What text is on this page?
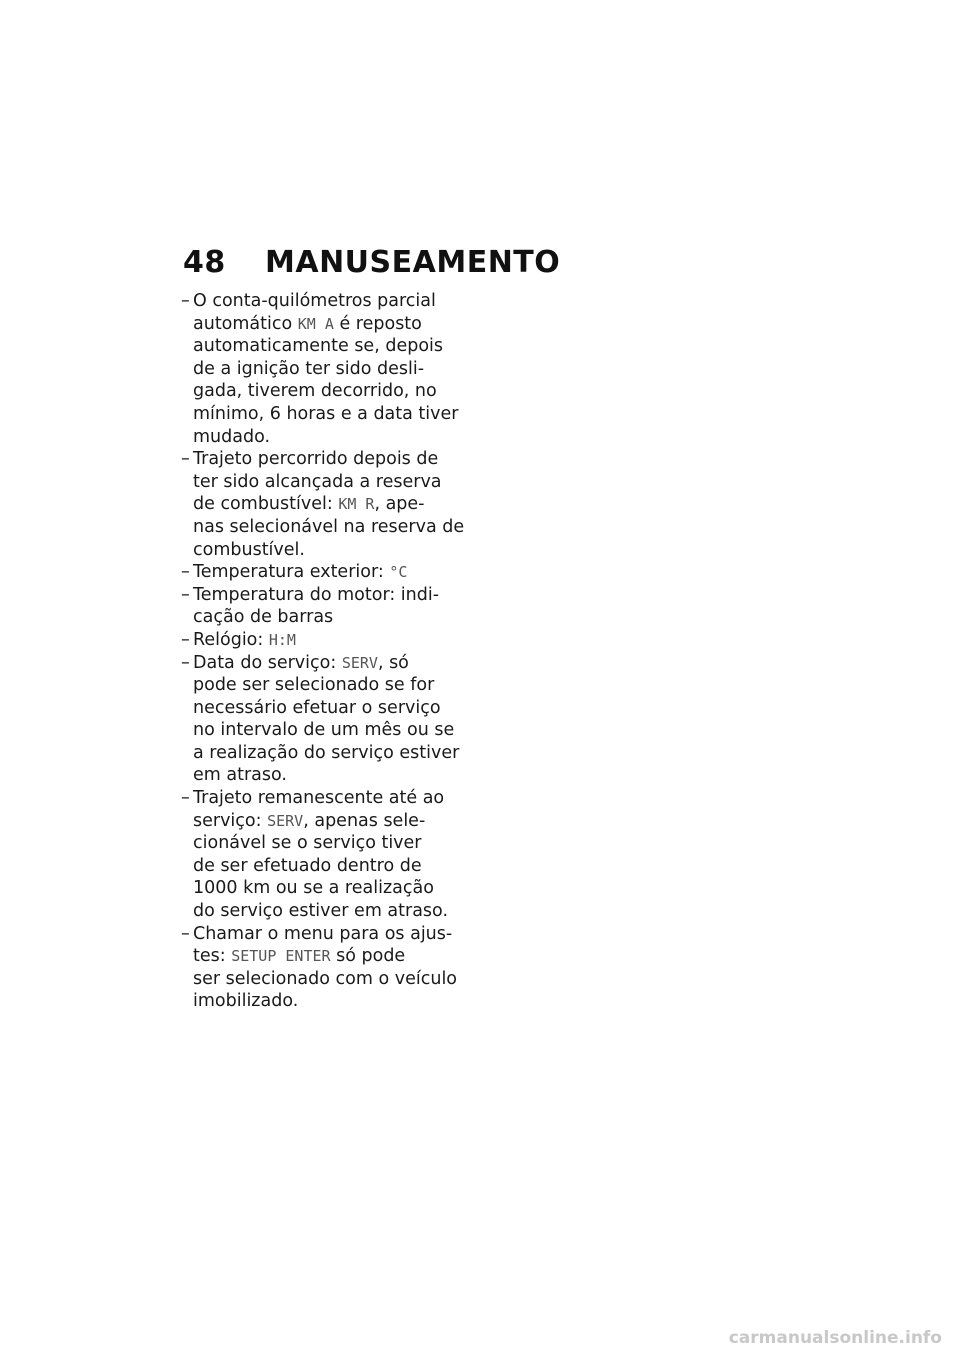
48	MANUSEAMENTO
– O conta-quilómetros parcial
automático KM A é reposto
automaticamente se, depois
de a ignição ter sido desli-
gada, tiverem decorrido, no
mínimo, 6 horas e a data tiver
mudado.
– Trajeto percorrido depois de
ter sido alcançada a reserva
de combustível: KM R, ape-
nas selecionável na reserva de
combustível.
– Temperatura exterior: °C
– Temperatura do motor: indi-
cação de barras
– Relógio: H:M
– Data do serviço: SERV, só
pode ser selecionado se for
necessário efetuar o serviço
no intervalo de um mês ou se
a realização do serviço estiver
em atraso.
– Trajeto remanescente até ao
serviço: SERV, apenas sele-
cionável se o serviço tiver
de ser efetuado dentro de
1000 km ou se a realização
do serviço estiver em atraso.
– Chamar o menu para os ajus-
tes: SETUP ENTER só pode
ser selecionado com o veículo
imobilizado.
carmanualsonline.info
